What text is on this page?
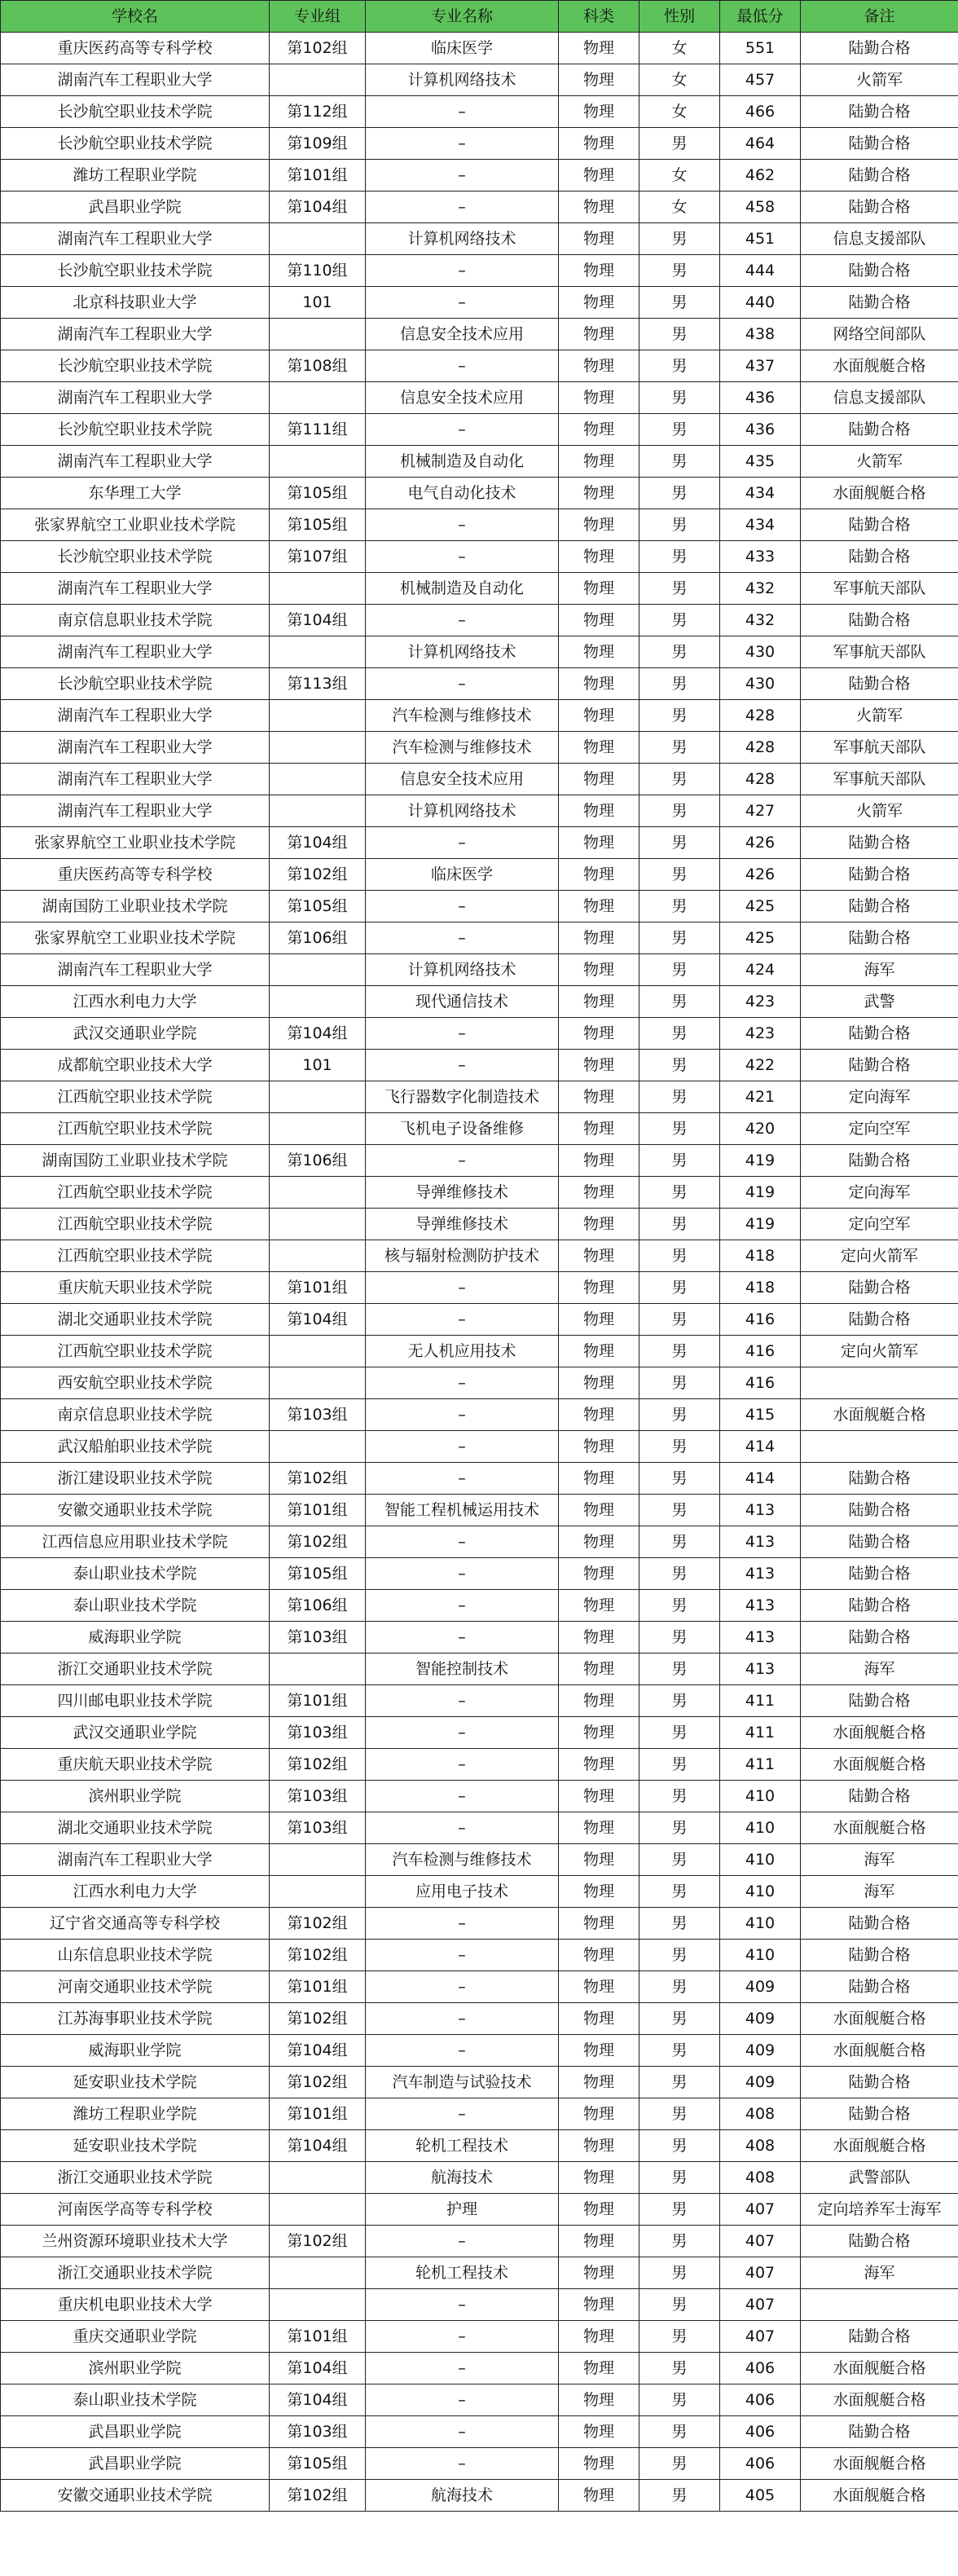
学校名	专业组	专业名称	科类	性别	最低分	备注
重庆医药高等专科学校	第102组	临床医学	物理	女	551	陆勤合格
湖南汽车工程职业大学		计算机网络技术	物理	女	457	火箭军
长沙航空职业技术学院	第112组	–	物理	女	466	陆勤合格
长沙航空职业技术学院	第109组	–	物理	男	464	陆勤合格
潍坊工程职业学院	第101组	–	物理	女	462	陆勤合格
武昌职业学院	第104组	–	物理	女	458	陆勤合格
湖南汽车工程职业大学		计算机网络技术	物理	男	451	信息支援部队
长沙航空职业技术学院	第110组	–	物理	男	444	陆勤合格
北京科技职业大学	101	–	物理	男	440	陆勤合格
湖南汽车工程职业大学		信息安全技术应用	物理	男	438	网络空间部队
长沙航空职业技术学院	第108组	–	物理	男	437	水面舰艇合格
湖南汽车工程职业大学		信息安全技术应用	物理	男	436	信息支援部队
长沙航空职业技术学院	第111组	–	物理	男	436	陆勤合格
湖南汽车工程职业大学		机械制造及自动化	物理	男	435	火箭军
东华理工大学	第105组	电气自动化技术	物理	男	434	水面舰艇合格
张家界航空工业职业技术学院	第105组	–	物理	男	434	陆勤合格
长沙航空职业技术学院	第107组	–	物理	男	433	陆勤合格
湖南汽车工程职业大学		机械制造及自动化	物理	男	432	军事航天部队
南京信息职业技术学院	第104组	–	物理	男	432	陆勤合格
湖南汽车工程职业大学		计算机网络技术	物理	男	430	军事航天部队
长沙航空职业技术学院	第113组	–	物理	男	430	陆勤合格
湖南汽车工程职业大学		汽车检测与维修技术	物理	男	428	火箭军
湖南汽车工程职业大学		汽车检测与维修技术	物理	男	428	军事航天部队
湖南汽车工程职业大学		信息安全技术应用	物理	男	428	军事航天部队
湖南汽车工程职业大学		计算机网络技术	物理	男	427	火箭军
张家界航空工业职业技术学院	第104组	–	物理	男	426	陆勤合格
重庆医药高等专科学校	第102组	临床医学	物理	男	426	陆勤合格
湖南国防工业职业技术学院	第105组	–	物理	男	425	陆勤合格
张家界航空工业职业技术学院	第106组	–	物理	男	425	陆勤合格
湖南汽车工程职业大学		计算机网络技术	物理	男	424	海军
江西水利电力大学		现代通信技术	物理	男	423	武警
武汉交通职业学院	第104组	–	物理	男	423	陆勤合格
成都航空职业技术大学	101	–	物理	男	422	陆勤合格
江西航空职业技术学院		飞行器数字化制造技术	物理	男	421	定向海军
江西航空职业技术学院		飞机电子设备维修	物理	男	420	定向空军
湖南国防工业职业技术学院	第106组	–	物理	男	419	陆勤合格
江西航空职业技术学院		导弹维修技术	物理	男	419	定向海军
江西航空职业技术学院		导弹维修技术	物理	男	419	定向空军
江西航空职业技术学院		核与辐射检测防护技术	物理	男	418	定向火箭军
重庆航天职业技术学院	第101组	–	物理	男	418	陆勤合格
湖北交通职业技术学院	第104组	–	物理	男	416	陆勤合格
江西航空职业技术学院		无人机应用技术	物理	男	416	定向火箭军
西安航空职业技术学院		–	物理	男	416	
南京信息职业技术学院	第103组	–	物理	男	415	水面舰艇合格
武汉船舶职业技术学院		–	物理	男	414	
浙江建设职业技术学院	第102组	–	物理	男	414	陆勤合格
安徽交通职业技术学院	第101组	智能工程机械运用技术	物理	男	413	陆勤合格
江西信息应用职业技术学院	第102组	–	物理	男	413	陆勤合格
泰山职业技术学院	第105组	–	物理	男	413	陆勤合格
泰山职业技术学院	第106组	–	物理	男	413	陆勤合格
威海职业学院	第103组	–	物理	男	413	陆勤合格
浙江交通职业技术学院		智能控制技术	物理	男	413	海军
四川邮电职业技术学院	第101组	–	物理	男	411	陆勤合格
武汉交通职业学院	第103组	–	物理	男	411	水面舰艇合格
重庆航天职业技术学院	第102组	–	物理	男	411	水面舰艇合格
滨州职业学院	第103组	–	物理	男	410	陆勤合格
湖北交通职业技术学院	第103组	–	物理	男	410	水面舰艇合格
湖南汽车工程职业大学		汽车检测与维修技术	物理	男	410	海军
江西水利电力大学		应用电子技术	物理	男	410	海军
辽宁省交通高等专科学校	第102组	–	物理	男	410	陆勤合格
山东信息职业技术学院	第102组	–	物理	男	410	陆勤合格
河南交通职业技术学院	第101组	–	物理	男	409	陆勤合格
江苏海事职业技术学院	第102组	–	物理	男	409	水面舰艇合格
威海职业学院	第104组	–	物理	男	409	水面舰艇合格
延安职业技术学院	第102组	汽车制造与试验技术	物理	男	409	陆勤合格
潍坊工程职业学院	第101组	–	物理	男	408	陆勤合格
延安职业技术学院	第104组	轮机工程技术	物理	男	408	水面舰艇合格
浙江交通职业技术学院		航海技术	物理	男	408	武警部队
河南医学高等专科学校		护理	物理	男	407	定向培养军士海军
兰州资源环境职业技术大学	第102组	–	物理	男	407	陆勤合格
浙江交通职业技术学院		轮机工程技术	物理	男	407	海军
重庆机电职业技术大学		–	物理	男	407	
重庆交通职业学院	第101组	–	物理	男	407	陆勤合格
滨州职业学院	第104组	–	物理	男	406	水面舰艇合格
泰山职业技术学院	第104组	–	物理	男	406	水面舰艇合格
武昌职业学院	第103组	–	物理	男	406	陆勤合格
武昌职业学院	第105组	–	物理	男	406	水面舰艇合格
安徽交通职业技术学院	第102组	航海技术	物理	男	405	水面舰艇合格
